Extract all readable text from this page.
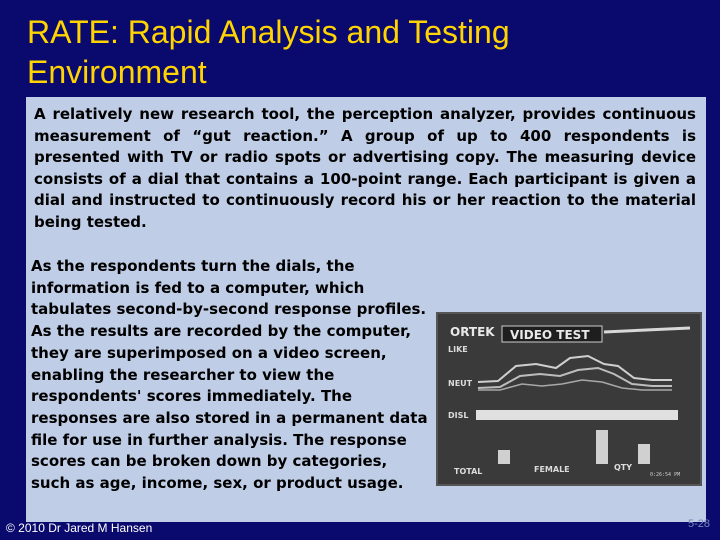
RATE: Rapid Analysis and Testing
Environment
A relatively new research tool, the perception analyzer, provides continuous measurement of “gut reaction.” A group of up to 400 respondents is presented with TV or radio spots or advertising copy. The measuring device consists of a dial that contains a 100-point range. Each participant is given a dial and instructed to continuously record his or her reaction to the material being tested.
As the respondents turn the dials, the information is fed to a computer, which tabulates second-by-second response profiles. As the results are recorded by the computer, they are superimposed on a video screen, enabling the researcher to view the respondents' scores immediately. The responses are also stored in a permanent data file for use in further analysis. The response scores can be broken down by categories, such as age, income, sex, or product usage.
ORTEK VIDEO TEST
LIKE
NEUT
DISL
TOTAL	FEMALE	QTY
0:26:54 PM
© 2010 Dr Jared M Hansen	5-28
